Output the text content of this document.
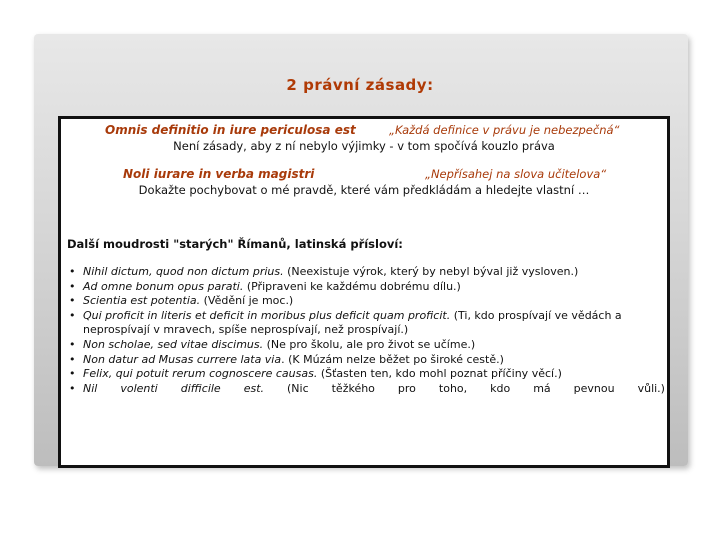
2 právní zásady:
Omnis definitio in iure periculosa est	„Každá definice v právu je nebezpečná“
Není zásady, aby z ní nebylo výjimky - v tom spočívá kouzlo práva
Noli iurare in verba magistri	„Nepřísahej na slova učitelova“
Dokažte pochybovat o mé pravdě, které vám předkládám a hledejte vlastní …
Další moudrosti "starých" Římanů, latinská přísloví:
• Nihil dictum, quod non dictum prius. (Neexistuje výrok, který by nebyl býval již vysloven.)
• Ad omne bonum opus parati. (Připraveni ke každému dobrému dílu.)
• Scientia est potentia. (Vědění je moc.)
• Qui proficit in literis et deficit in moribus plus deficit quam proficit. (Ti, kdo prospívají ve vědách a neprospívají v mravech, spíše neprospívají, než prospívají.)
• Non scholae, sed vitae discimus. (Ne pro školu, ale pro život se učíme.)
• Non datur ad Musas currere lata via. (K Múzám nelze běžet po široké cestě.)
• Felix, qui potuit rerum cognoscere causas. (Šťasten ten, kdo mohl poznat příčiny věcí.)
• Nil volenti difficile est. (Nic těžkého pro toho, kdo má pevnou vůli.)
